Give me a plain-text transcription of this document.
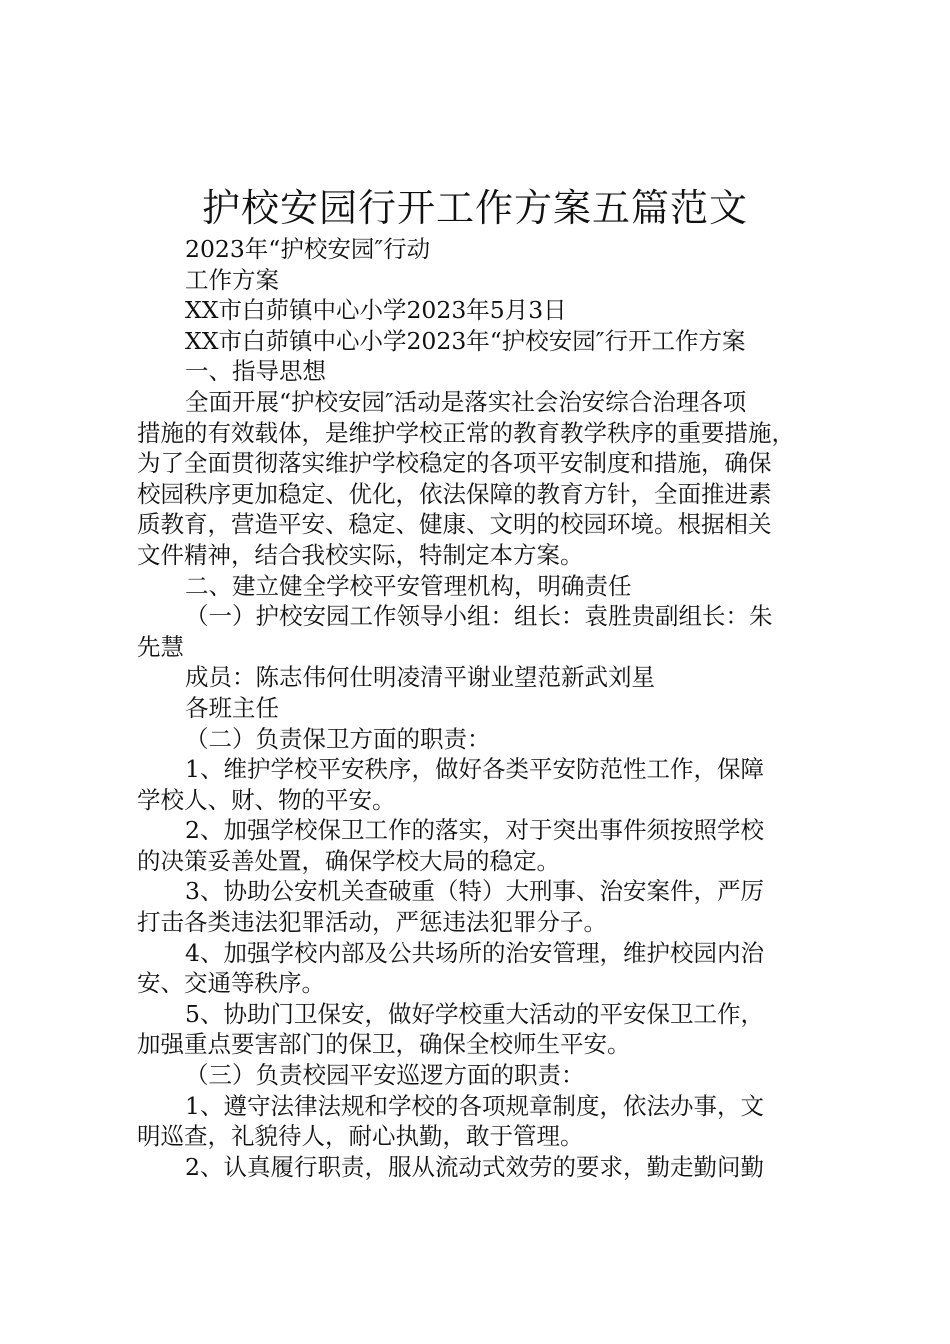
护校安园行开工作方案五篇范文
2023年“护校安园″行动
工作方案
XX市白茆镇中心小学2023年5月3日
XX市白茆镇中心小学2023年“护校安园″行开工作方案
一、指导思想
全面开展“护校安园″活动是落实社会治安综合治理各项
措施的有效载体，是维护学校正常的教育教学秩序的重要措施，
为了全面贯彻落实维护学校稳定的各项平安制度和措施，确保
校园秩序更加稳定、优化，依法保障的教育方针，全面推进素
质教育，营造平安、稳定、健康、文明的校园环境。根据相关
文件精神，结合我校实际，特制定本方案。
二、建立健全学校平安管理机构，明确责任
（一）护校安园工作领导小组：组长：袁胜贵副组长：朱
先慧
成员：陈志伟何仕明凌清平谢业望范新武刘星
各班主任
（二）负责保卫方面的职责：
1、维护学校平安秩序，做好各类平安防范性工作，保障
学校人、财、物的平安。
2、加强学校保卫工作的落实，对于突出事件须按照学校
的决策妥善处置，确保学校大局的稳定。
3、协助公安机关查破重（特）大刑事、治安案件，严厉
打击各类违法犯罪活动，严惩违法犯罪分子。
4、加强学校内部及公共场所的治安管理，维护校园内治
安、交通等秩序。
5、协助门卫保安，做好学校重大活动的平安保卫工作，
加强重点要害部门的保卫，确保全校师生平安。
（三）负责校园平安巡逻方面的职责：
1、遵守法律法规和学校的各项规章制度，依法办事，文
明巡查，礼貌待人，耐心执勤，敢于管理。
2、认真履行职责，服从流动式效劳的要求，勤走勤问勤
